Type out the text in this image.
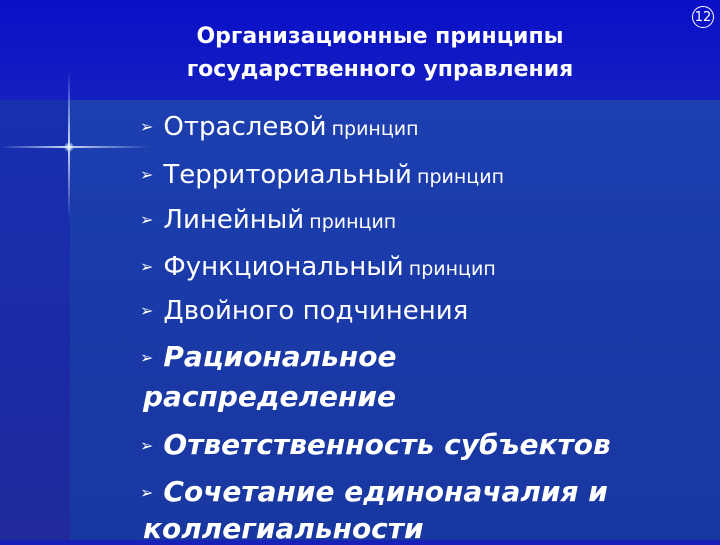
12
Организационные принципы
государственного управления
➢ Отраслевой принцип
➢ Территориальный принцип
➢ Линейный принцип
➢ Функциональный принцип
➢ Двойного подчинения
➢ Рациональное
распределение
➢ Ответственность субъектов
➢ Сочетание единоначалия и
коллегиальности
